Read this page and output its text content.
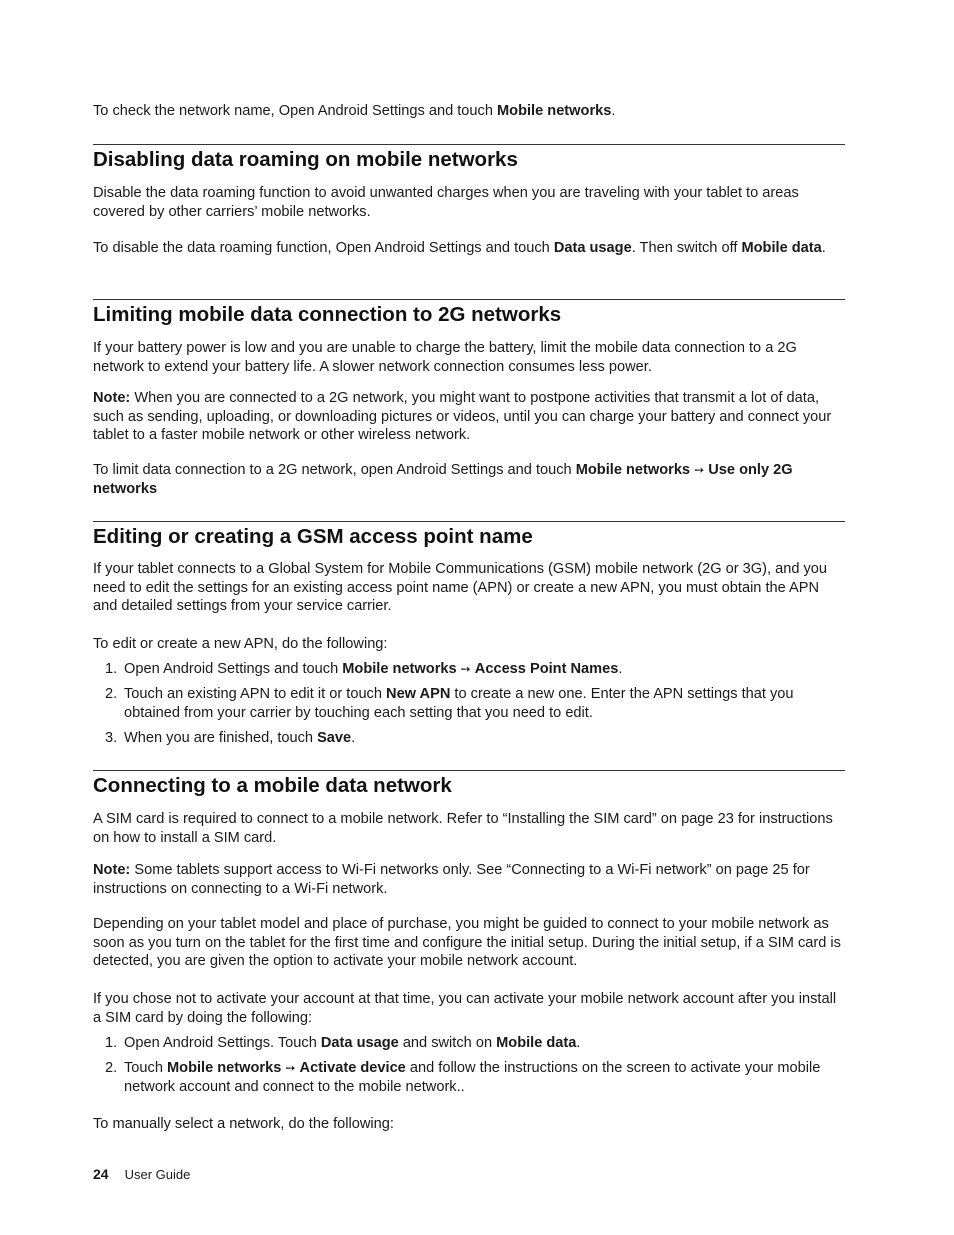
To check the network name, Open Android Settings and touch Mobile networks.

Disabling data roaming on mobile networks

Disable the data roaming function to avoid unwanted charges when you are traveling with your tablet to areas covered by other carriers’ mobile networks.

To disable the data roaming function, Open Android Settings and touch Data usage. Then switch off Mobile data.

Limiting mobile data connection to 2G networks

If your battery power is low and you are unable to charge the battery, limit the mobile data connection to a 2G network to extend your battery life. A slower network connection consumes less power.

Note: When you are connected to a 2G network, you might want to postpone activities that transmit a lot of data, such as sending, uploading, or downloading pictures or videos, until you can charge your battery and connect your tablet to a faster mobile network or other wireless network.

To limit data connection to a 2G network, open Android Settings and touch Mobile networks ➙ Use only 2G networks

Editing or creating a GSM access point name

If your tablet connects to a Global System for Mobile Communications (GSM) mobile network (2G or 3G), and you need to edit the settings for an existing access point name (APN) or create a new APN, you must obtain the APN and detailed settings from your service carrier.

To edit or create a new APN, do the following:

1. Open Android Settings and touch Mobile networks ➙ Access Point Names.
2. Touch an existing APN to edit it or touch New APN to create a new one. Enter the APN settings that you obtained from your carrier by touching each setting that you need to edit.
3. When you are finished, touch Save.
Connecting to a mobile data network

A SIM card is required to connect to a mobile network. Refer to “Installing the SIM card” on page 23 for instructions on how to install a SIM card.

Note: Some tablets support access to Wi-Fi networks only. See “Connecting to a Wi-Fi network” on page 25 for instructions on connecting to a Wi-Fi network.

Depending on your tablet model and place of purchase, you might be guided to connect to your mobile network as soon as you turn on the tablet for the first time and configure the initial setup. During the initial setup, if a SIM card is detected, you are given the option to activate your mobile network account.

If you chose not to activate your account at that time, you can activate your mobile network account after you install a SIM card by doing the following:

1. Open Android Settings. Touch Data usage and switch on Mobile data.
2. Touch Mobile networks ➙ Activate device and follow the instructions on the screen to activate your mobile network account and connect to the mobile network..

To manually select a network, do the following:

24 User Guide
